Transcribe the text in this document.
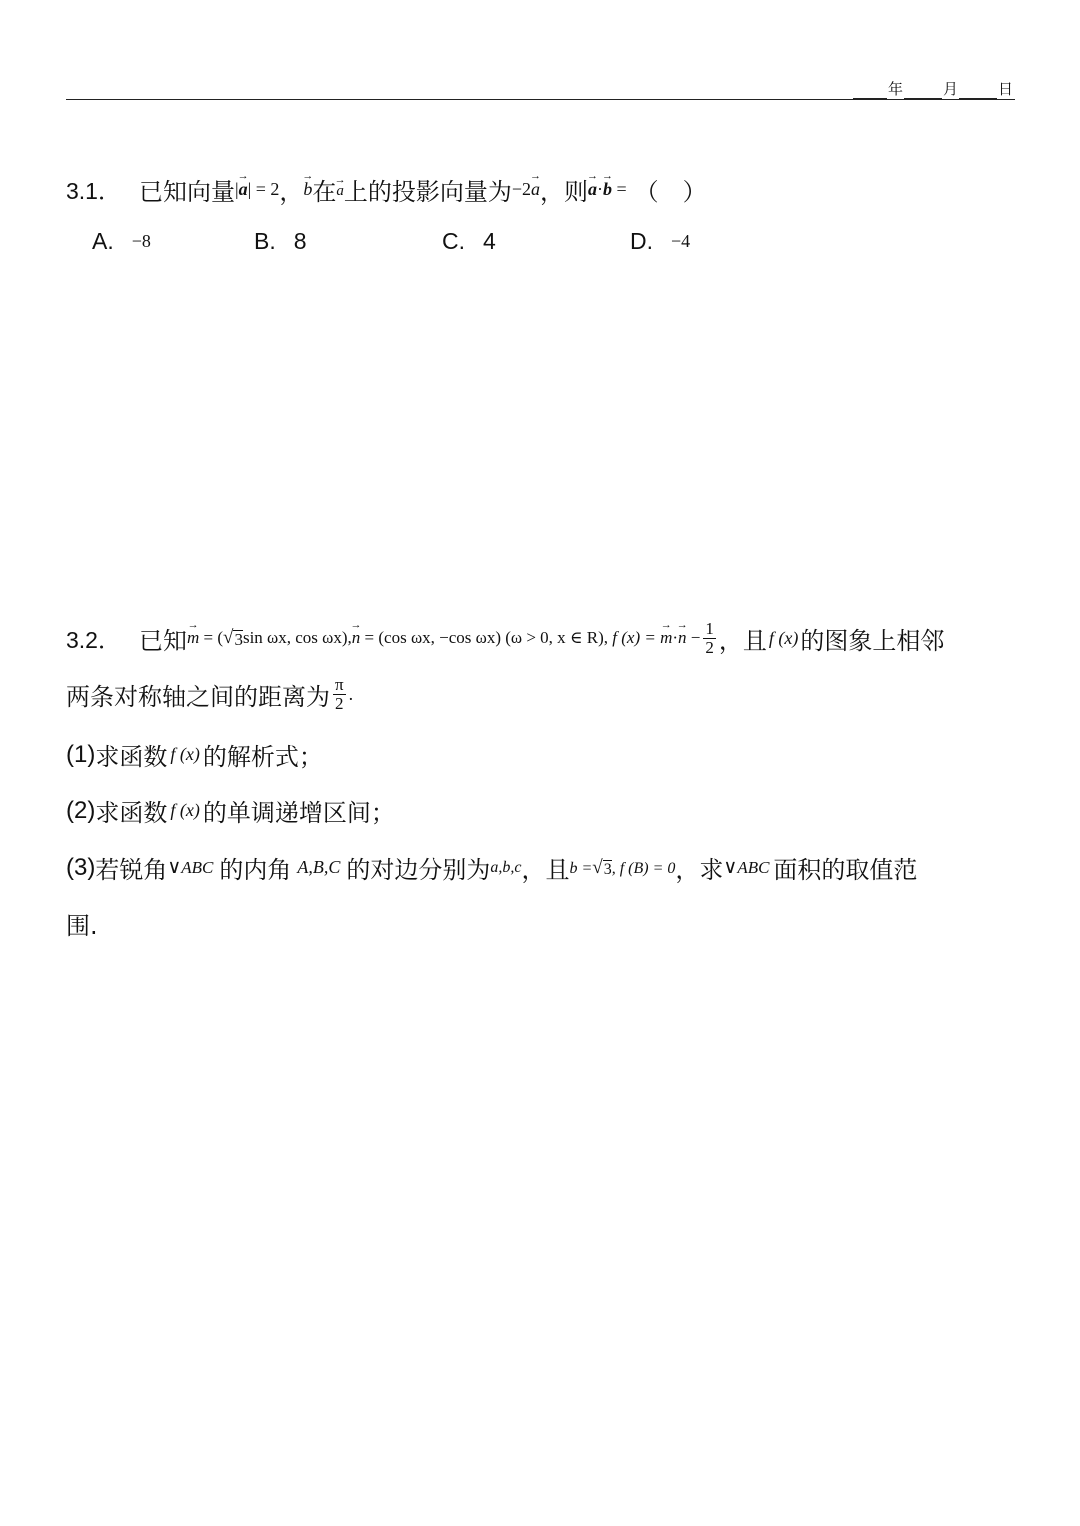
年	月	日
3.1． 已知向量 |→ a| = 2 ， → b 在 → a 上的投影向量为 −2→ a ， 则 → a·→ b = （　）
A. −8	B. 8	C. 4	D. −4
3.2． 已知 → m = ( √ 3 sin ωx, cos ωx),→ n = (cos ωx, −cos ωx) (ω > 0, x ∈ R), f (x) = → $m\cdot\to n - \frac{1}{2}$ ，且 f (x) 的图象上相邻
两条对称轴之间的距离为 $\frac{\pi}{2}$ .
(1) 求函数 f (x) 的解析式；
(2) 求函数 f (x) 的单调递增区间；
(3) 若锐角 ∨ ABC 的内角 A,B,C 的对边分别为 a,b,c ，且 b = √ 3 , f (B) = 0 ，求 ∨ ABC 面积的取值范
围.
